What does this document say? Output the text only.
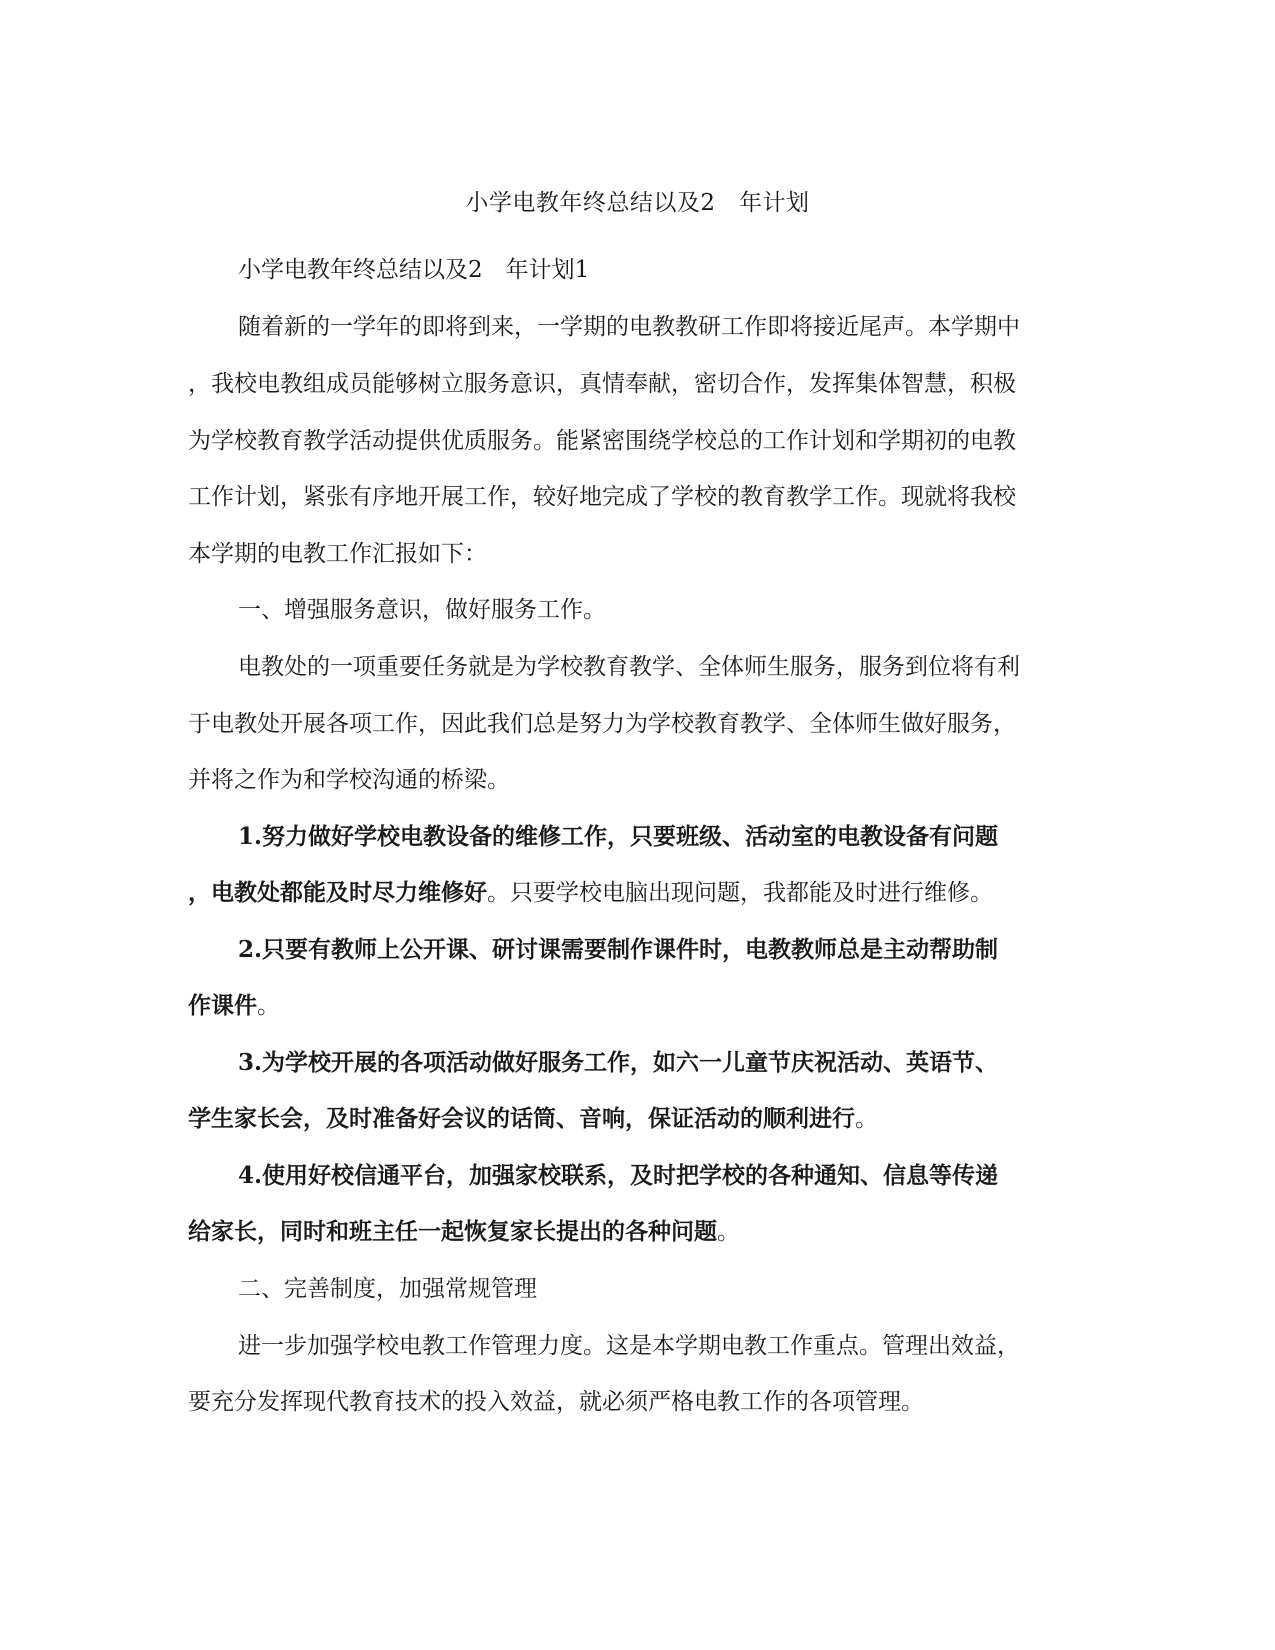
小学电教年终总结以及2　年计划
小学电教年终总结以及2　年计划1
随着新的一学年的即将到来，一学期的电教教研工作即将接近尾声。本学期中
，我校电教组成员能够树立服务意识，真情奉献，密切合作，发挥集体智慧，积极
为学校教育教学活动提供优质服务。能紧密围绕学校总的工作计划和学期初的电教
工作计划，紧张有序地开展工作，较好地完成了学校的教育教学工作。现就将我校
本学期的电教工作汇报如下：
一、增强服务意识，做好服务工作。
电教处的一项重要任务就是为学校教育教学、全体师生服务，服务到位将有利
于电教处开展各项工作，因此我们总是努力为学校教育教学、全体师生做好服务，
并将之作为和学校沟通的桥梁。
1.努力做好学校电教设备的维修工作，只要班级、活动室的电教设备有问题
，电教处都能及时尽力维修好。只要学校电脑出现问题，我都能及时进行维修。
2.只要有教师上公开课、研讨课需要制作课件时，电教教师总是主动帮助制
作课件。
3.为学校开展的各项活动做好服务工作，如六一儿童节庆祝活动、英语节、
学生家长会，及时准备好会议的话筒、音响，保证活动的顺利进行。
4.使用好校信通平台，加强家校联系，及时把学校的各种通知、信息等传递
给家长，同时和班主任一起恢复家长提出的各种问题。
二、完善制度，加强常规管理
进一步加强学校电教工作管理力度。这是本学期电教工作重点。管理出效益，
要充分发挥现代教育技术的投入效益，就必须严格电教工作的各项管理。
